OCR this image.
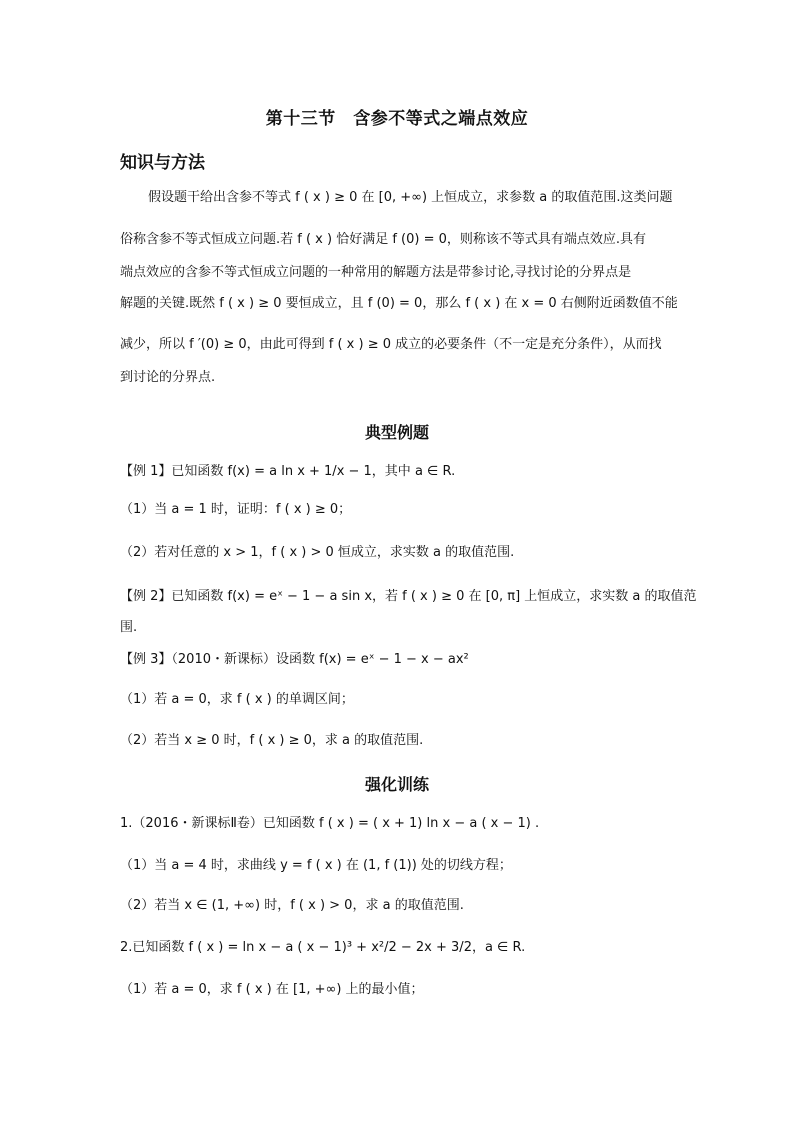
第十三节　含参不等式之端点效应
知识与方法
假设题干给出含参不等式 f ( x ) ≥ 0 在 [0, +∞) 上恒成立，求参数 a 的取值范围.这类问题
俗称含参不等式恒成立问题.若 f ( x ) 恰好满足 f (0) = 0，则称该不等式具有端点效应.具有
端点效应的含参不等式恒成立问题的一种常用的解题方法是带参讨论,寻找讨论的分界点是
解题的关键.既然 f ( x ) ≥ 0 要恒成立，且 f (0) = 0，那么 f ( x ) 在 x = 0 右侧附近函数值不能
减少，所以 f ′(0) ≥ 0，由此可得到 f ( x ) ≥ 0 成立的必要条件（不一定是充分条件），从而找
到讨论的分界点.
典型例题
【例 1】已知函数 f(x) = a ln x + 1/x − 1，其中 a ∈ R.
（1）当 a = 1 时，证明：f ( x ) ≥ 0；
（2）若对任意的 x > 1，f ( x ) > 0 恒成立，求实数 a 的取值范围.
【例 2】已知函数 f(x) = eˣ − 1 − a sin x，若 f ( x ) ≥ 0 在 [0, π] 上恒成立，求实数 a 的取值范
围.
【例 3】（2010・新课标）设函数 f(x) = eˣ − 1 − x − ax²
（1）若 a = 0，求 f ( x ) 的单调区间；
（2）若当 x ≥ 0 时，f ( x ) ≥ 0，求 a 的取值范围.
强化训练
1.（2016・新课标Ⅱ卷）已知函数 f ( x ) = ( x + 1) ln x − a ( x − 1) .
（1）当 a = 4 时，求曲线 y = f ( x ) 在 (1, f (1)) 处的切线方程；
（2）若当 x ∈ (1, +∞) 时，f ( x ) > 0，求 a 的取值范围.
2.已知函数 f ( x ) = ln x − a ( x − 1)³ + x²/2 − 2x + 3/2，a ∈ R.
（1）若 a = 0，求 f ( x ) 在 [1, +∞) 上的最小值；
